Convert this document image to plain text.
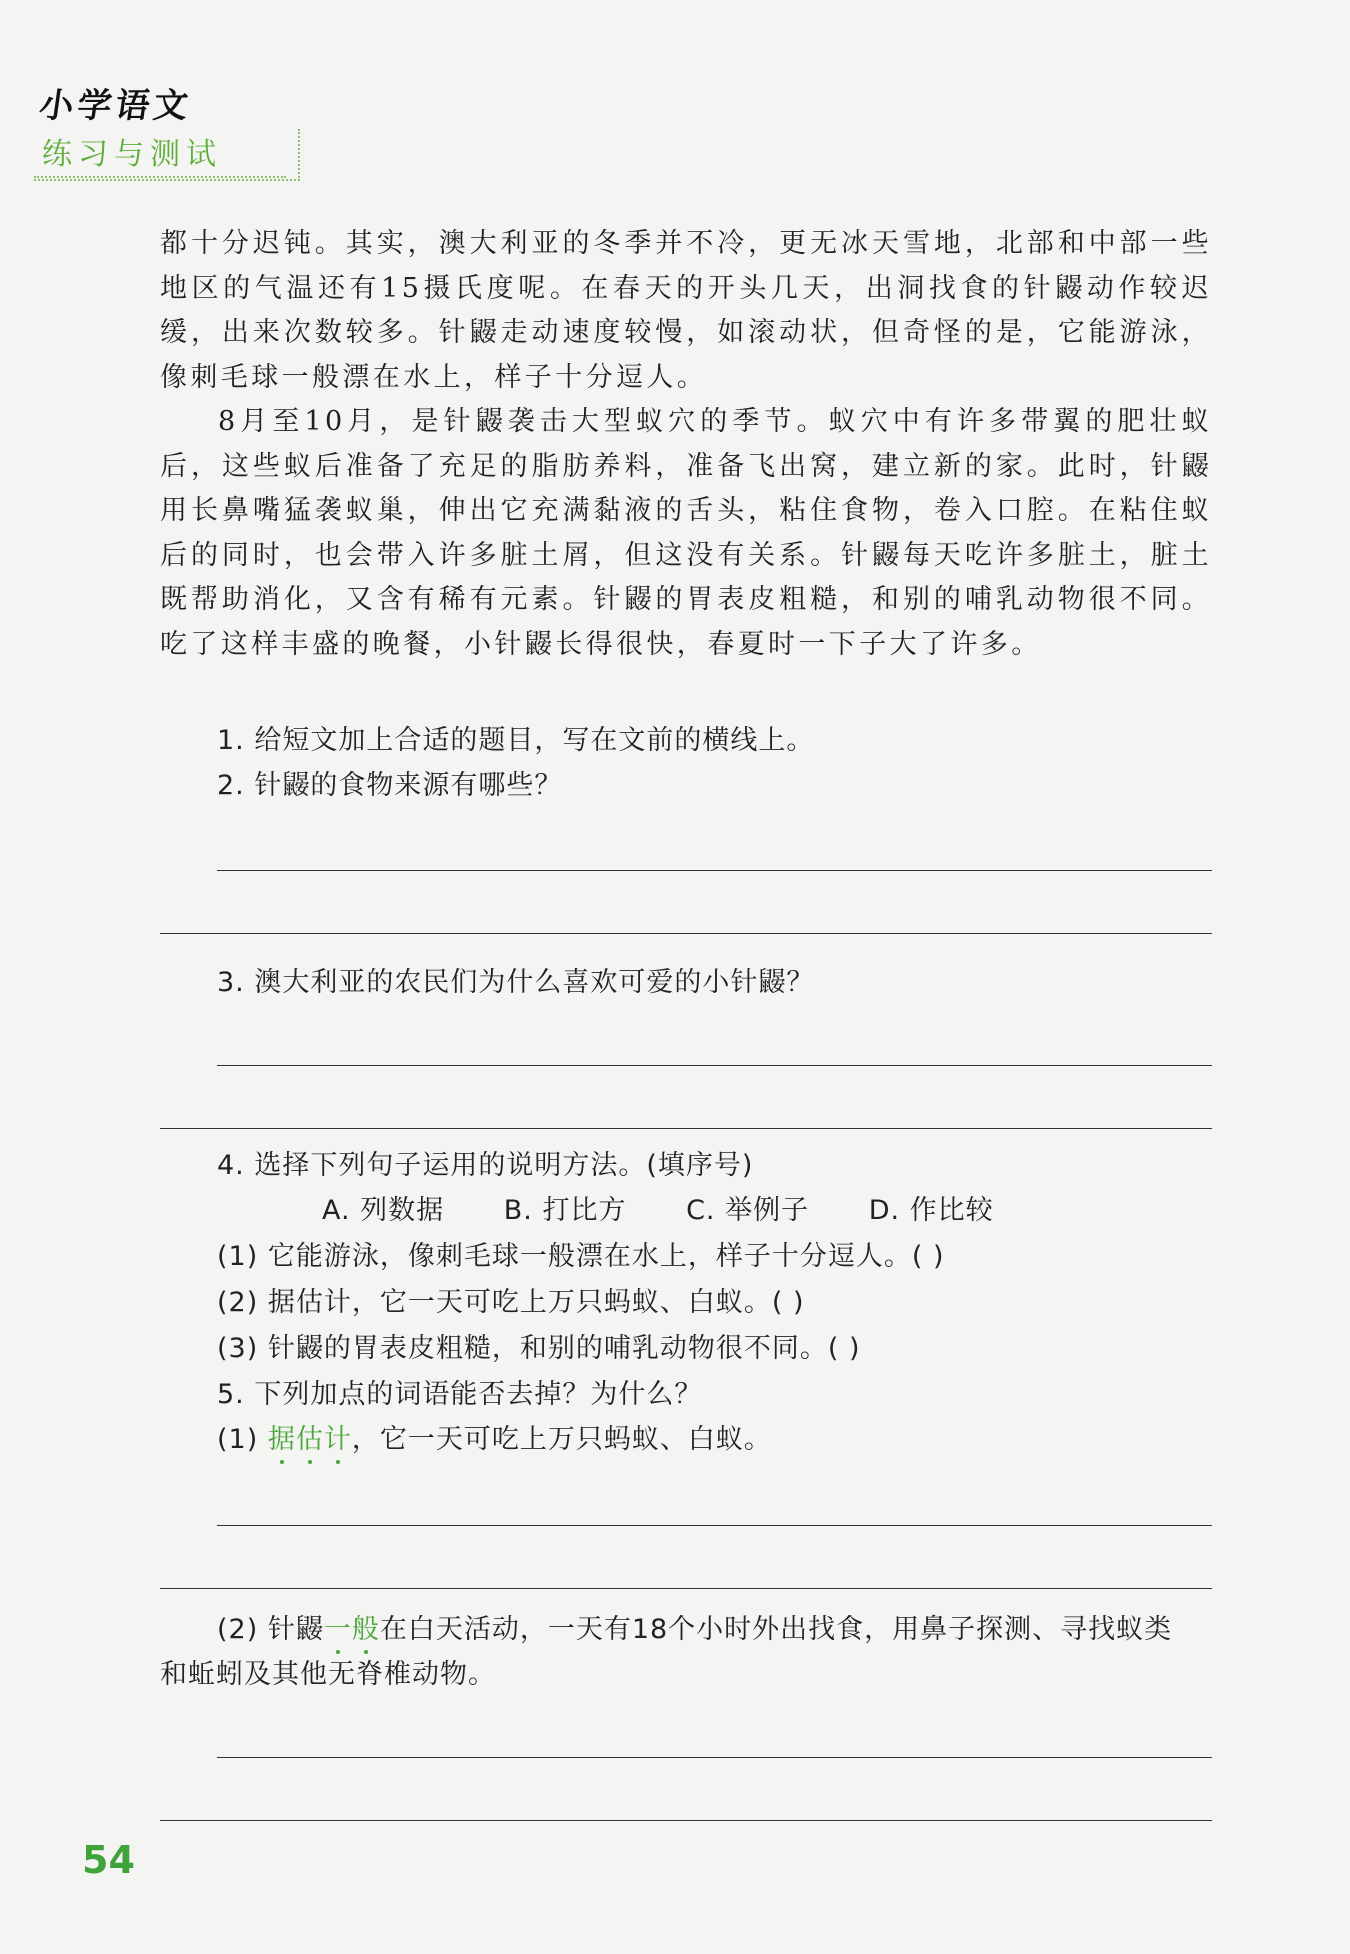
小学语文
练习与测试

都十分迟钝。其实，澳大利亚的冬季并不冷，更无冰天雪地，北部和中部一些地区的气温还有15摄氏度呢。在春天的开头几天，出洞找食的针鼹动作较迟缓，出来次数较多。针鼹走动速度较慢，如滚动状，但奇怪的是，它能游泳，像刺毛球一般漂在水上，样子十分逗人。

8月至10月，是针鼹袭击大型蚁穴的季节。蚁穴中有许多带翼的肥壮蚁后，这些蚁后准备了充足的脂肪养料，准备飞出窝，建立新的家。此时，针鼹用长鼻嘴猛袭蚁巢，伸出它充满黏液的舌头，粘住食物，卷入口腔。在粘住蚁后的同时，也会带入许多脏土屑，但这没有关系。针鼹每天吃许多脏土，脏土既帮助消化，又含有稀有元素。针鼹的胃表皮粗糙，和别的哺乳动物很不同。吃了这样丰盛的晚餐，小针鼹长得很快，春夏时一下子大了许多。

1. 给短文加上合适的题目，写在文前的横线上。
2. 针鼹的食物来源有哪些？
3. 澳大利亚的农民们为什么喜欢可爱的小针鼹？
4. 选择下列句子运用的说明方法。(填序号)
A. 列数据 B. 打比方 C. 举例子 D. 作比较
(1) 它能游泳，像刺毛球一般漂在水上，样子十分逗人。( )
(2) 据估计，它一天可吃上万只蚂蚁、白蚁。( )
(3) 针鼹的胃表皮粗糙，和别的哺乳动物很不同。( )
5. 下列加点的词语能否去掉？为什么？
(1) 据估计，它一天可吃上万只蚂蚁、白蚁。
(2) 针鼹一般在白天活动，一天有18个小时外出找食，用鼻子探测、寻找蚁类
和蚯蚓及其他无脊椎动物。
54
